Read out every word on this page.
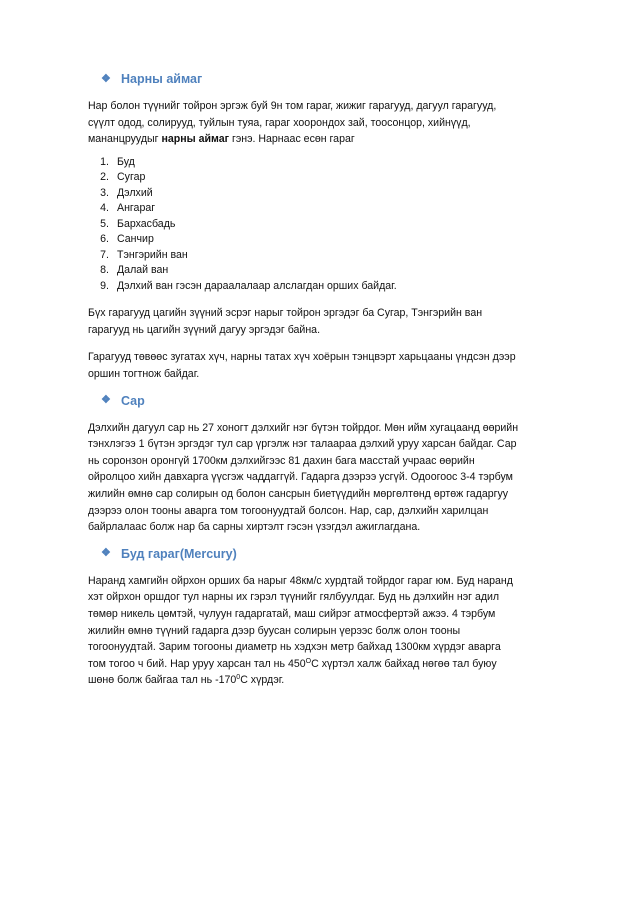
❖ Нарны аймаг

Нар болон түүнийг тойрон эргэж буй 9н том гараг, жижиг гарагууд, дагуул гарагууд,

сүүлт одод, солирууд, туйлын туяа, гараг хоорондох зай, тоосонцор, хийнүүд,

мананцруудыг нарны аймаг гэнэ. Нарнаас есөн гараг

1. Буд
2. Сугар
3. Дэлхий
4. Ангараг
5. Бархасбадь
6. Санчир
7. Тэнгэрийн ван
8. Далай ван
9. Дэлхий ван гэсэн дараалалаар алслагдан орших байдаг.

Бүх гарагууд цагийн зүүний эсрэг нарыг тойрон эргэдэг ба Сугар, Тэнгэрийн ван

гарагууд нь цагийн зүүний дагуу эргэдэг байна.

Гарагууд төвөөс зугатах хүч, нарны татах хүч хоёрын тэнцвэрт харьцааны үндсэн дээр

оршин тогтнож байдаг.

❖ Сар

Дэлхийн дагуул сар нь 27 хоногт дэлхийг нэг бүтэн тойрдог. Мөн ийм хугацаанд өөрийн

тэнхлэгээ 1 бүтэн эргэдэг тул сар үргэлж нэг талаараа дэлхий уруу харсан байдаг. Сар

нь соронзон оронгүй 1700км дэлхийгээс 81 дахин бага масстай учраас өөрийн

ойролцоо хийн давхарга үүсгэж чаддаггүй. Гадарга дээрээ усгүй. Одоогоос 3-4 тэрбум

жилийн өмнө сар солирын од болон сансрын биетүүдийн мөргөлтөнд өртөж гадаргуу

дээрээ олон тооны аварга том тогоонуудтай болсон. Нар, сар, дэлхийн харилцан

байрлалаас болж нар ба сарны хиртэлт гэсэн үзэгдэл ажиглагдана.

❖ Буд гараг(Mercury)

Наранд хамгийн ойрхон орших ба нарыг 48км/с хурдтай тойрдог гараг юм. Буд наранд

хэт ойрхон оршдог тул нарны их гэрэл түүнийг гялбуулдаг. Буд нь дэлхийн нэг адил

төмөр никель цөмтэй, чулуун гадаргатай, маш сийрэг атмосфертэй ажээ. 4 тэрбум

жилийн өмнө түүний гадарга дээр буусан солирын үерээс болж олон тооны

тогоонуудтай. Зарим тогооны диаметр нь хэдхэн метр байхад 1300км хүрдэг аварга

том тогоо ч бий. Нар уруу харсан тал нь $450^OС$ хүртэл халж байхад нөгөө тал буюу

шөнө болж байгаа тал нь $-170^0С$ хүрдэг.
